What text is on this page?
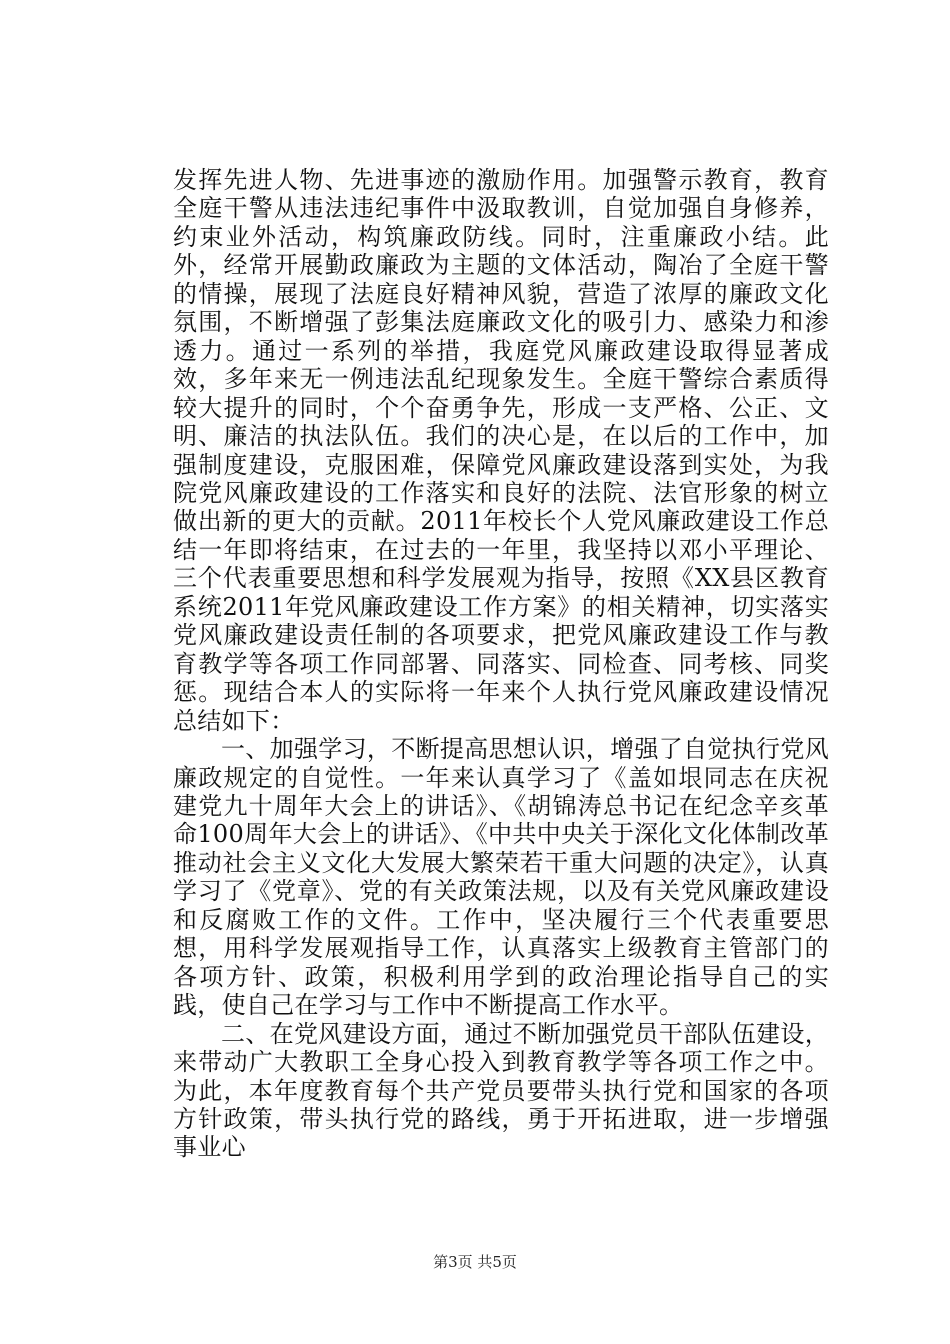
发挥先进人物、先进事迹的激励作用。加强警示教育，教育全庭干警从违法违纪事件中汲取教训，自觉加强自身修养，约束业外活动，构筑廉政防线。同时，注重廉政小结。此外，经常开展勤政廉政为主题的文体活动，陶冶了全庭干警的情操，展现了法庭良好精神风貌，营造了浓厚的廉政文化氛围，不断增强了彭集法庭廉政文化的吸引力、感染力和渗透力。通过一系列的举措，我庭党风廉政建设取得显著成效，多年来无一例违法乱纪现象发生。全庭干警综合素质得较大提升的同时，个个奋勇争先，形成一支严格、公正、文明、廉洁的执法队伍。我们的决心是，在以后的工作中，加强制度建设，克服困难，保障党风廉政建设落到实处，为我院党风廉政建设的工作落实和良好的法院、法官形象的树立做出新的更大的贡献。2011年校长个人党风廉政建设工作总结一年即将结束，在过去的一年里，我坚持以邓小平理论、三个代表重要思想和科学发展观为指导，按照《XX县区教育系统2011年党风廉政建设工作方案》的相关精神，切实落实党风廉政建设责任制的各项要求，把党风廉政建设工作与教育教学等各项工作同部署、同落实、同检查、同考核、同奖惩。现结合本人的实际将一年来个人执行党风廉政建设情况总结如下：

一、加强学习，不断提高思想认识，增强了自觉执行党风廉政规定的自觉性。一年来认真学习了《盖如垠同志在庆祝建党九十周年大会上的讲话》、《胡锦涛总书记在纪念辛亥革命100周年大会上的讲话》、《中共中央关于深化文化体制改革推动社会主义文化大发展大繁荣若干重大问题的决定》，认真学习了《党章》、党的有关政策法规，以及有关党风廉政建设和反腐败工作的文件。工作中，坚决履行三个代表重要思想，用科学发展观指导工作，认真落实上级教育主管部门的各项方针、政策，积极利用学到的政治理论指导自己的实践，使自己在学习与工作中不断提高工作水平。

二、在党风建设方面，通过不断加强党员干部队伍建设，来带动广大教职工全身心投入到教育教学等各项工作之中。为此，本年度教育每个共产党员要带头执行党和国家的各项方针政策，带头执行党的路线，勇于开拓进取，进一步增强事业心

第3页 共5页
